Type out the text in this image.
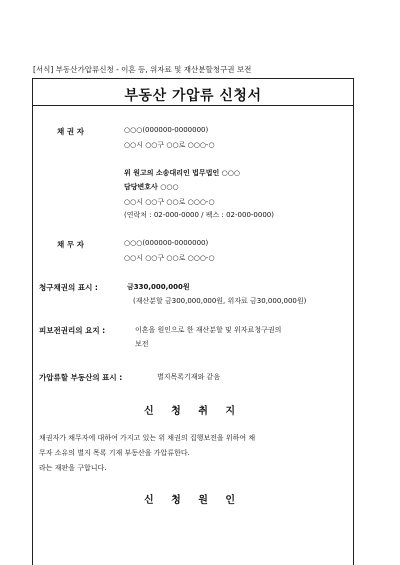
[서식] 부동산가압류신청 - 이혼 등, 위자료 및 재산분할청구권 보전
부동산 가압류 신청서
채 권 자	○○○(000000-0000000)
○○시 ○○구 ○○로 ○○○-○
위 원고의 소송대리인 법무법인 ○○○
담당변호사 ○○○
○○시 ○○구 ○○로 ○○○-○
(연락처 : 02-000-0000 / 팩스 : 02-000-0000)
채 무 자	○○○(000000-0000000)
○○시 ○○구 ○○로 ○○○-○
청구채권의 표시 :	금330,000,000원
(재산분할 금300,000,000원, 위자료 금30,000,000원)
피보전권리의 요지 :	이혼을 원인으로 한 재산분할 및 위자료청구권의
보전
가압류할 부동산의 표시 :	별지목록기재와 같음
신 청 취 지
채권자가 채무자에 대하여 가지고 있는 위 채권의 집행보전을 위하여 채
무자 소유의 별지 목록 기재 부동산을 가압류한다.
라는 재판을 구합니다.
신 청 원 인
